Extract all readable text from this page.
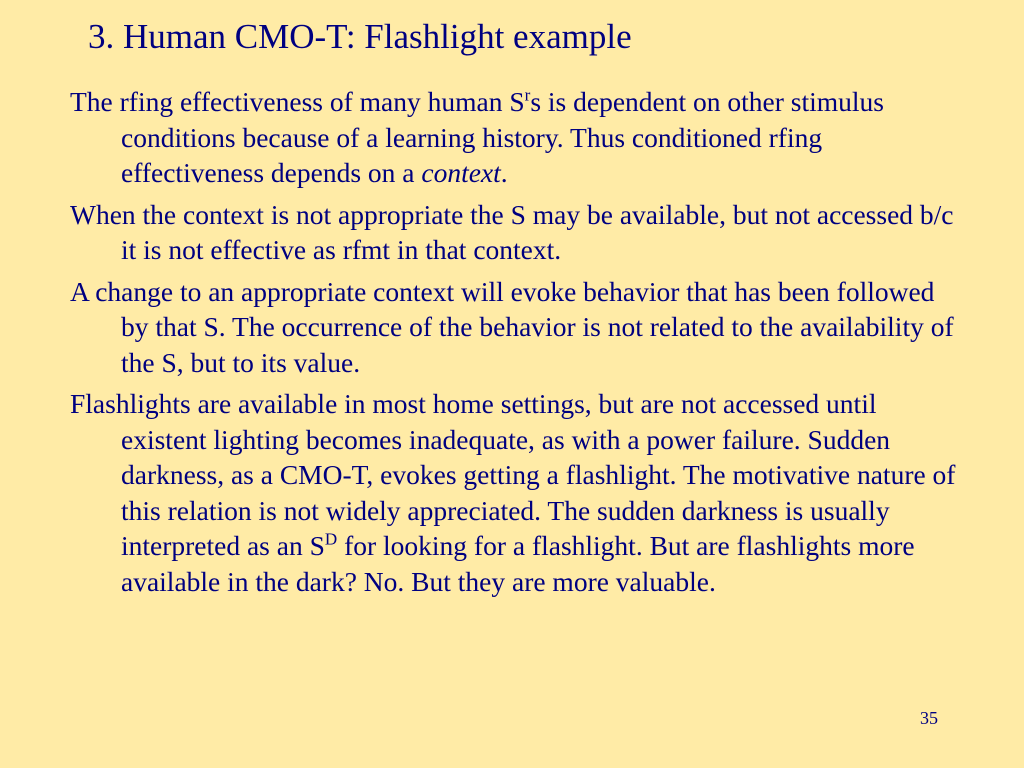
3. Human CMO-T: Flashlight example

The rfing effectiveness of many human $S^rs$ is dependent on other stimulus conditions because of a learning history. Thus conditioned rfing effectiveness depends on a context.

When the context is not appropriate the S may be available, but not accessed b/c it is not effective as rfmt in that context.

A change to an appropriate context will evoke behavior that has been followed by that S. The occurrence of the behavior is not related to the availability of the S, but to its value.

Flashlights are available in most home settings, but are not accessed until existent lighting becomes inadequate, as with a power failure. Sudden darkness, as a CMO-T, evokes getting a flashlight. The motivative nature of this relation is not widely appreciated. The sudden darkness is usually interpreted as an $S^D$ for looking for a flashlight. But are flashlights more available in the dark? No. But they are more valuable.

35
